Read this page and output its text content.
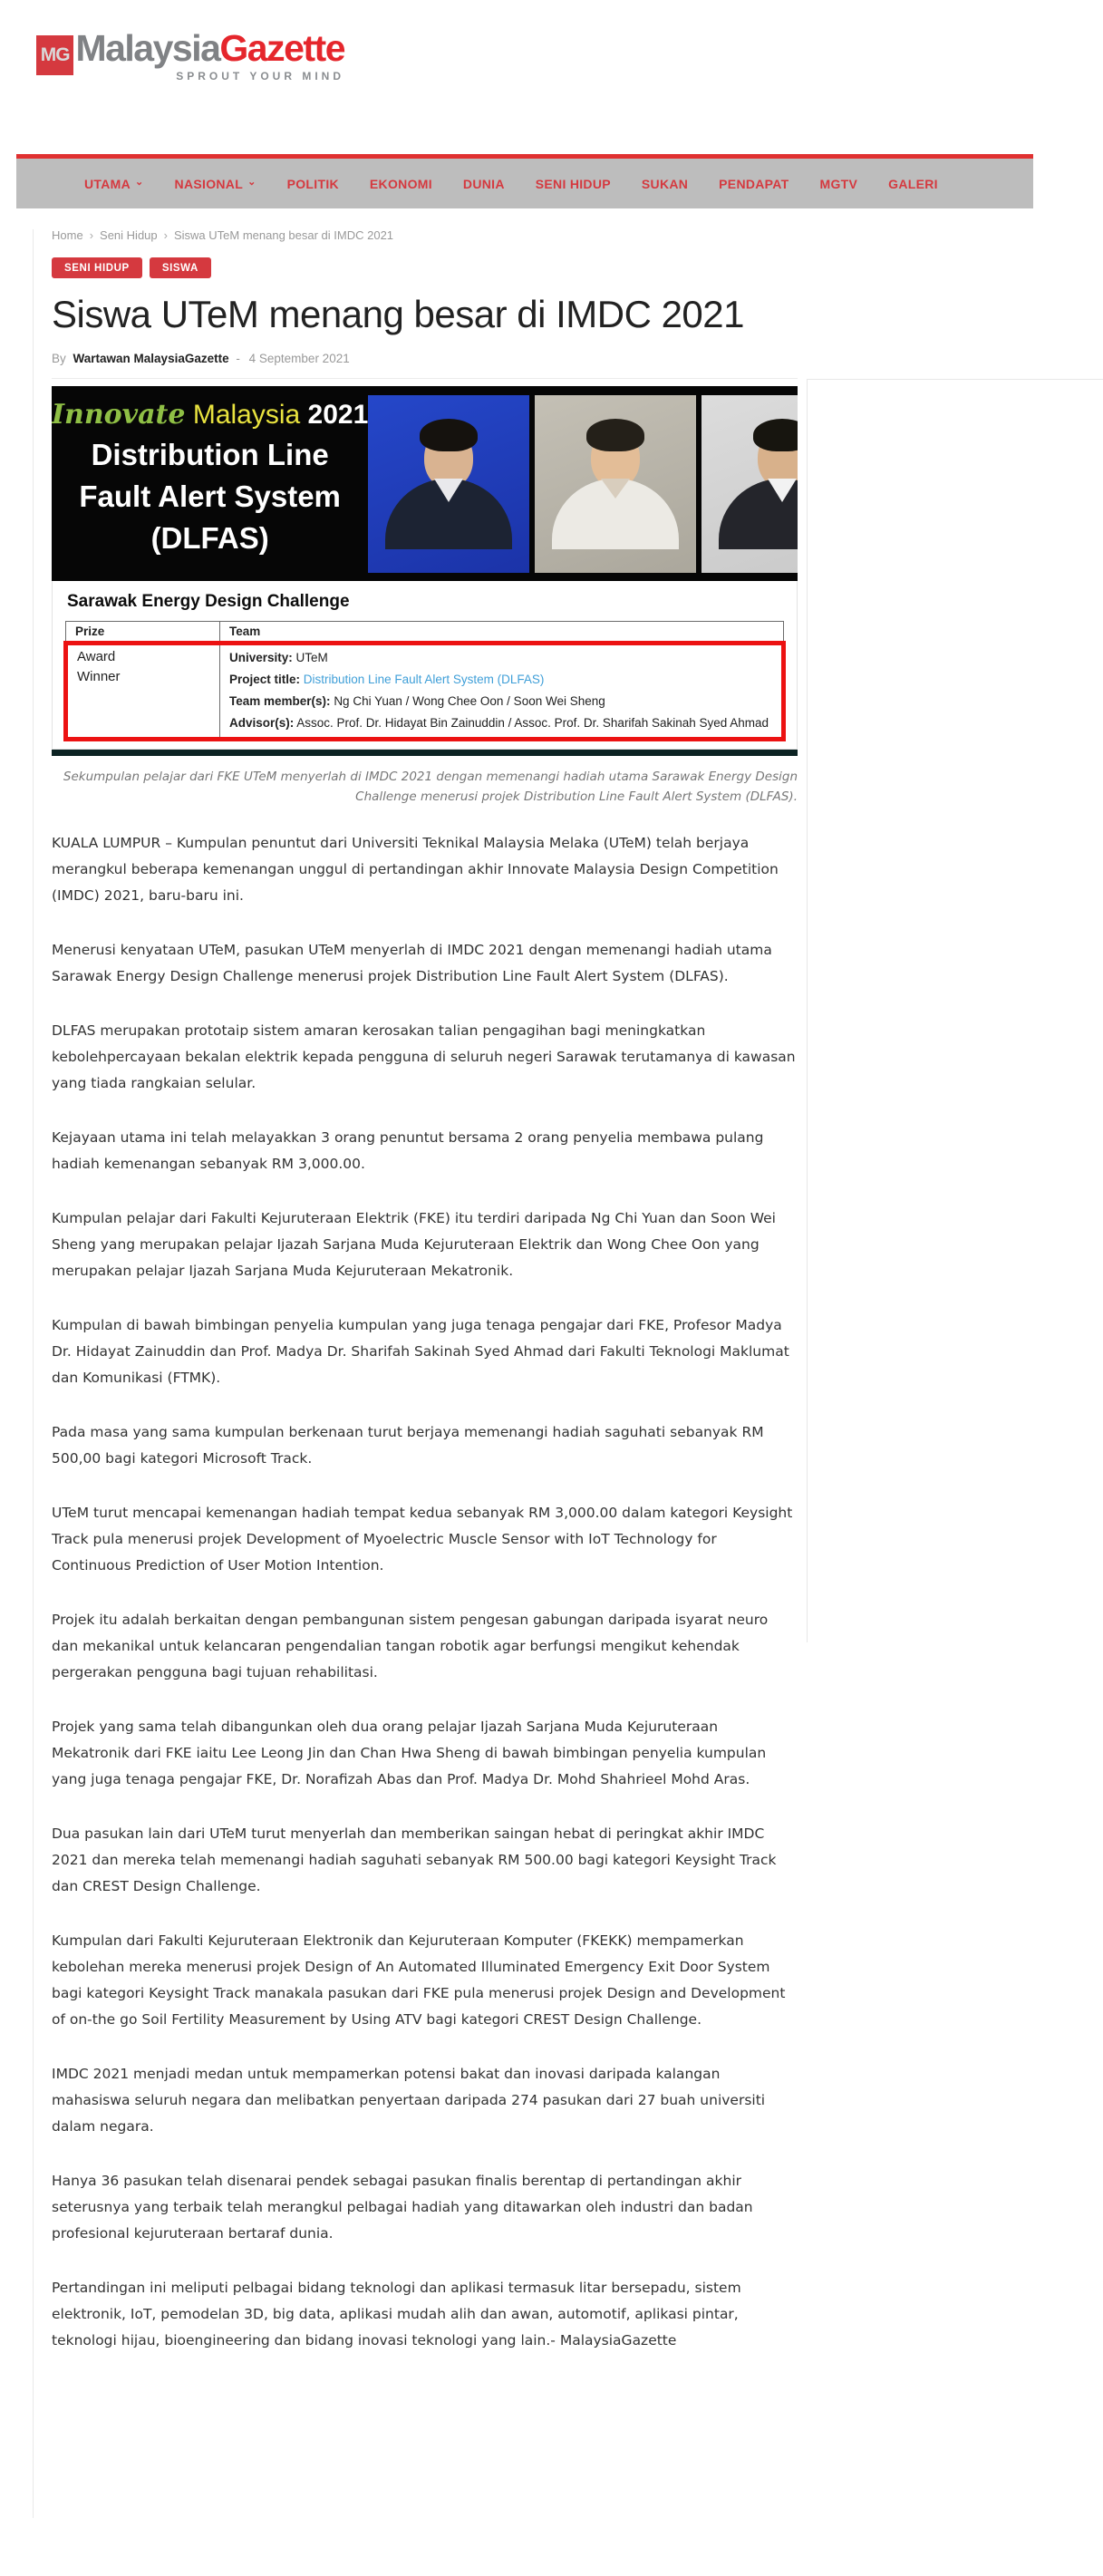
MG MalaysiaGazette
SPROUT YOUR MIND
UTAMA ⌄ NASIONAL ⌄ POLITIK EKONOMI DUNIA SENI HIDUP SUKAN PENDAPAT MGTV GALERI
Home › Seni Hidup › Siswa UTeM menang besar di IMDC 2021
SENI HIDUP	SISWA
Siswa UTeM menang besar di IMDC 2021
By Wartawan MalaysiaGazette - 4 September 2021
Innovate Malaysia 2021
Distribution Line
Fault Alert System
(DLFAS)
Sarawak Energy Design Challenge
Prize	Team

Award Winner	University: UTeM
Project title: Distribution Line Fault Alert System (DLFAS)
Team member(s): Ng Chi Yuan / Wong Chee Oon / Soon Wei Sheng
Advisor(s): Assoc. Prof. Dr. Hidayat Bin Zainuddin / Assoc. Prof. Dr. Sharifah Sakinah Syed Ahmad
Sekumpulan pelajar dari FKE UTeM menyerlah di IMDC 2021 dengan memenangi hadiah utama Sarawak Energy Design Challenge menerusi projek Distribution Line Fault Alert System (DLFAS).

KUALA LUMPUR – Kumpulan penuntut dari Universiti Teknikal Malaysia Melaka (UTeM) telah berjaya merangkul beberapa kemenangan unggul di pertandingan akhir Innovate Malaysia Design Competition (IMDC) 2021, baru-baru ini.

Menerusi kenyataan UTeM, pasukan UTeM menyerlah di IMDC 2021 dengan memenangi hadiah utama Sarawak Energy Design Challenge menerusi projek Distribution Line Fault Alert System (DLFAS).

DLFAS merupakan prototaip sistem amaran kerosakan talian pengagihan bagi meningkatkan kebolehpercayaan bekalan elektrik kepada pengguna di seluruh negeri Sarawak terutamanya di kawasan yang tiada rangkaian selular.

Kejayaan utama ini telah melayakkan 3 orang penuntut bersama 2 orang penyelia membawa pulang hadiah kemenangan sebanyak RM 3,000.00.

Kumpulan pelajar dari Fakulti Kejuruteraan Elektrik (FKE) itu terdiri daripada Ng Chi Yuan dan Soon Wei Sheng yang merupakan pelajar Ijazah Sarjana Muda Kejuruteraan Elektrik dan Wong Chee Oon yang merupakan pelajar Ijazah Sarjana Muda Kejuruteraan Mekatronik.

Kumpulan di bawah bimbingan penyelia kumpulan yang juga tenaga pengajar dari FKE, Profesor Madya Dr. Hidayat Zainuddin dan Prof. Madya Dr. Sharifah Sakinah Syed Ahmad dari Fakulti Teknologi Maklumat dan Komunikasi (FTMK).

Pada masa yang sama kumpulan berkenaan turut berjaya memenangi hadiah saguhati sebanyak RM 500,00 bagi kategori Microsoft Track.

UTeM turut mencapai kemenangan hadiah tempat kedua sebanyak RM 3,000.00 dalam kategori Keysight Track pula menerusi projek Development of Myoelectric Muscle Sensor with IoT Technology for Continuous Prediction of User Motion Intention.

Projek itu adalah berkaitan dengan pembangunan sistem pengesan gabungan daripada isyarat neuro dan mekanikal untuk kelancaran pengendalian tangan robotik agar berfungsi mengikut kehendak pergerakan pengguna bagi tujuan rehabilitasi.

Projek yang sama telah dibangunkan oleh dua orang pelajar Ijazah Sarjana Muda Kejuruteraan Mekatronik dari FKE iaitu Lee Leong Jin dan Chan Hwa Sheng di bawah bimbingan penyelia kumpulan yang juga tenaga pengajar FKE, Dr. Norafizah Abas dan Prof. Madya Dr. Mohd Shahrieel Mohd Aras.

Dua pasukan lain dari UTeM turut menyerlah dan memberikan saingan hebat di peringkat akhir IMDC 2021 dan mereka telah memenangi hadiah saguhati sebanyak RM 500.00 bagi kategori Keysight Track dan CREST Design Challenge.

Kumpulan dari Fakulti Kejuruteraan Elektronik dan Kejuruteraan Komputer (FKEKK) mempamerkan kebolehan mereka menerusi projek Design of An Automated Illuminated Emergency Exit Door System bagi kategori Keysight Track manakala pasukan dari FKE pula menerusi projek Design and Development of on-the go Soil Fertility Measurement by Using ATV bagi kategori CREST Design Challenge.

IMDC 2021 menjadi medan untuk mempamerkan potensi bakat dan inovasi daripada kalangan mahasiswa seluruh negara dan melibatkan penyertaan daripada 274 pasukan dari 27 buah universiti dalam negara.

Hanya 36 pasukan telah disenarai pendek sebagai pasukan finalis berentap di pertandingan akhir seterusnya yang terbaik telah merangkul pelbagai hadiah yang ditawarkan oleh industri dan badan profesional kejuruteraan bertaraf dunia.

Pertandingan ini meliputi pelbagai bidang teknologi dan aplikasi termasuk litar bersepadu, sistem elektronik, IoT, pemodelan 3D, big data, aplikasi mudah alih dan awan, automotif, aplikasi pintar, teknologi hijau, bioengineering dan bidang inovasi teknologi yang lain.- MalaysiaGazette
